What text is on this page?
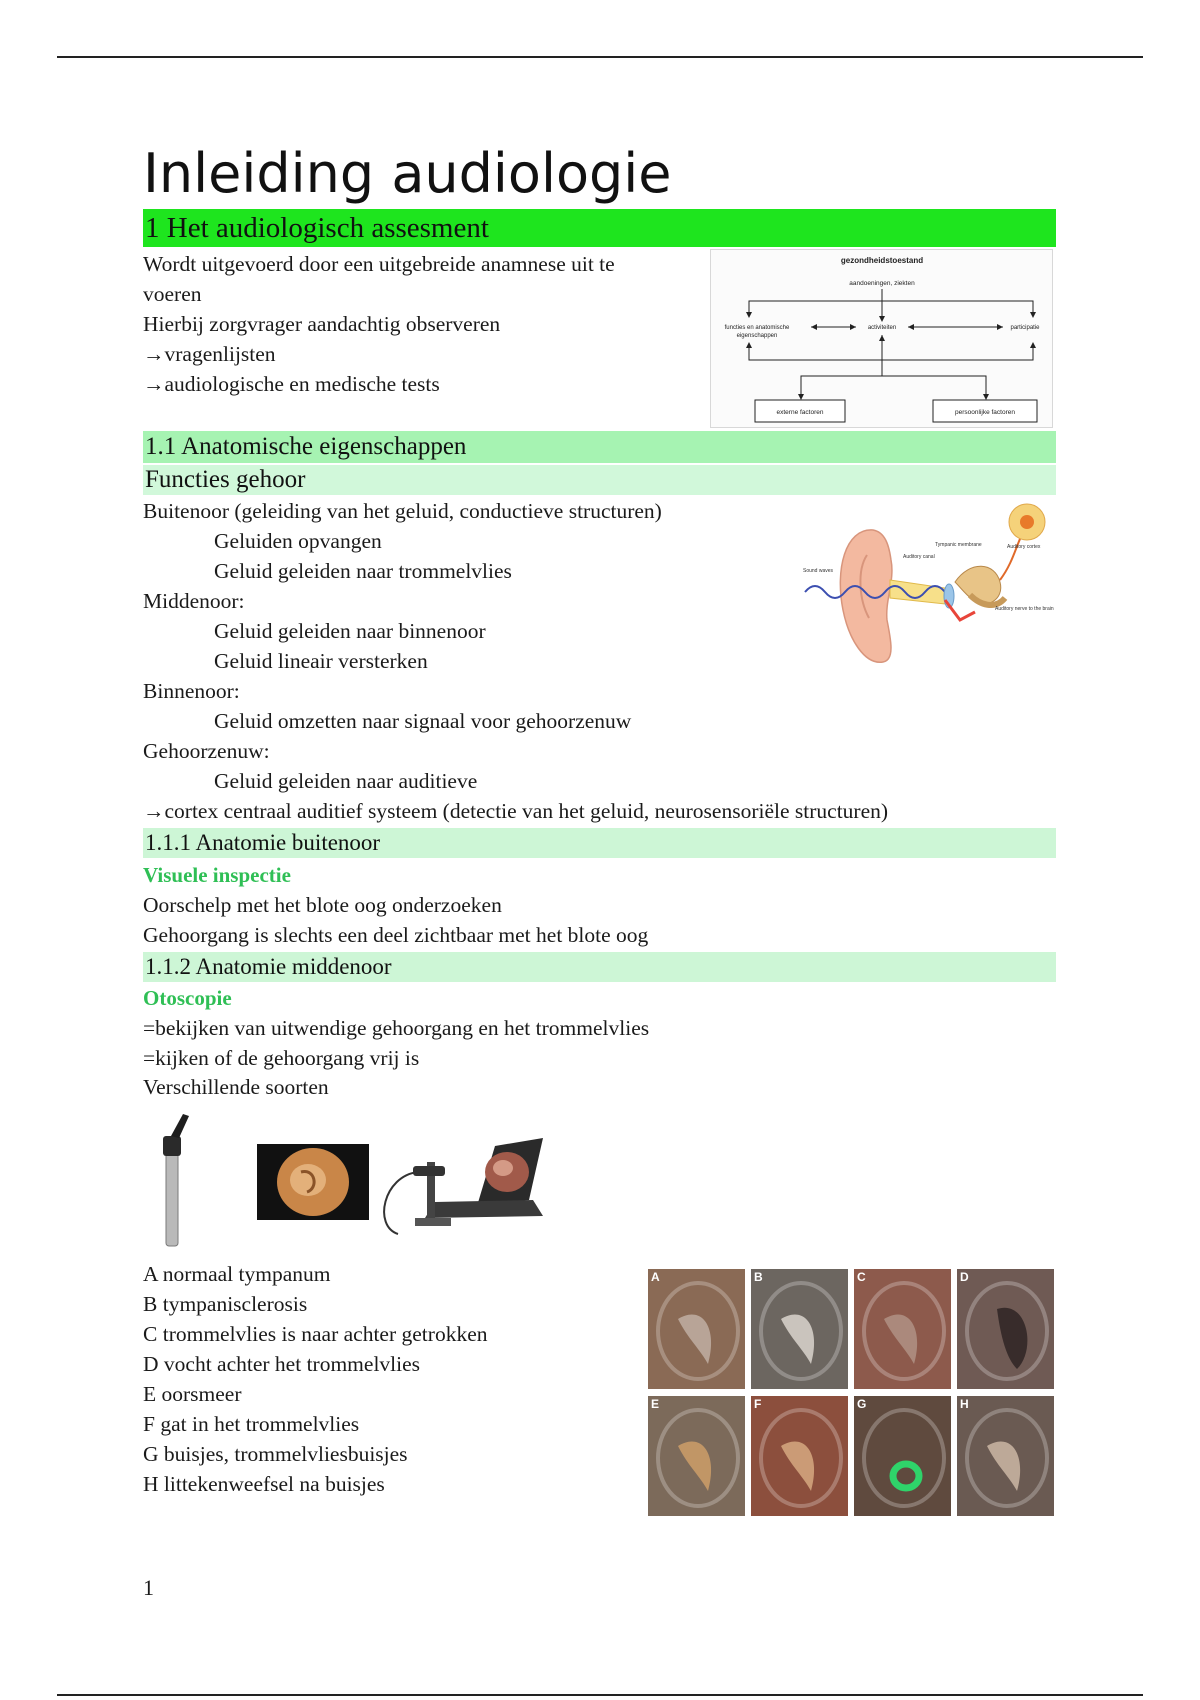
Inleiding audiologie
1 Het audiologisch assesment
Wordt uitgevoerd door een uitgebreide anamnese uit te
voeren
Hierbij zorgvrager aandachtig observeren
→vragenlijsten
→audiologische en medische tests
gezondheidstoestand
aandoeningen, ziekten
functies en anatomische
eigenschappen
activiteiten	participatie
externe factoren	persoonlijke factoren
1.1 Anatomische eigenschappen
Functies gehoor
Buitenoor (geleiding van het geluid, conductieve structuren)
Geluiden opvangen
Geluid geleiden naar trommelvlies
Middenoor:
Geluid geleiden naar binnenoor
Geluid lineair versterken
Binnenoor:
Geluid omzetten naar signaal voor gehoorzenuw
Gehoorzenuw:
Geluid geleiden naar auditieve
→cortex centraal auditief systeem (detectie van het geluid, neurosensoriële structuren)
Sound waves
Auditory canal
Tympanic membrane
Auditory nerve to the brain
Auditory cortex
1.1.1 Anatomie buitenoor
Visuele inspectie
Oorschelp met het blote oog onderzoeken
Gehoorgang is slechts een deel zichtbaar met het blote oog
1.1.2 Anatomie middenoor
Otoscopie
=bekijken van uitwendige gehoorgang en het trommelvlies
=kijken of de gehoorgang vrij is
Verschillende soorten
A normaal tympanum
B tympanisclerosis
C trommelvlies is naar achter getrokken
D vocht achter het trommelvlies
E oorsmeer
F gat in het trommelvlies
G buisjes, trommelvliesbuisjes
H littekenweefsel na buisjes
A	B	C	D
E	F	G	H
1
